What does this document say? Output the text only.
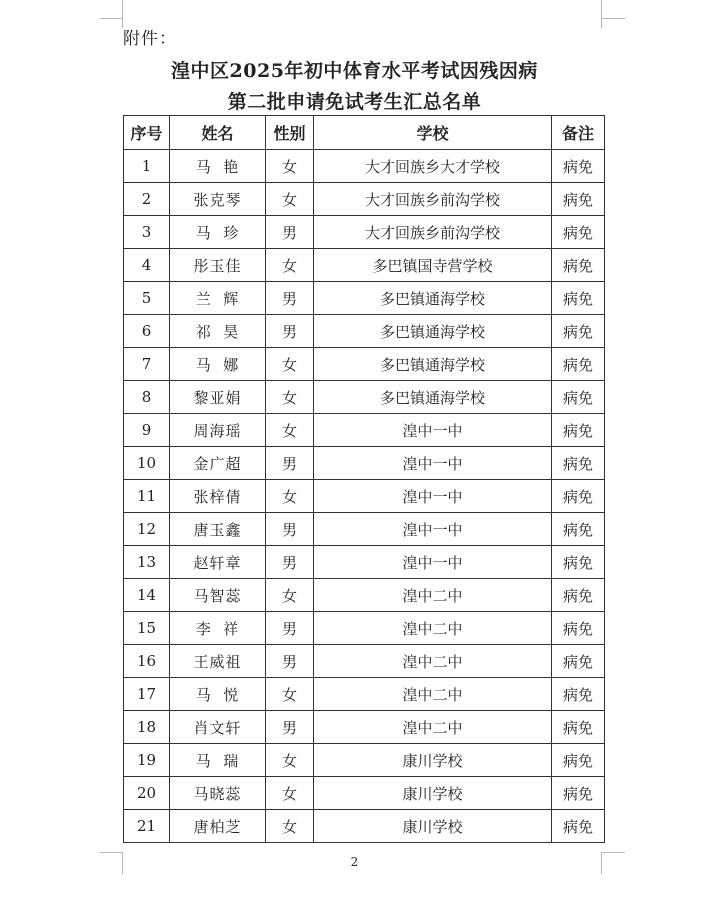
附件：
湟中区2025年初中体育水平考试因残因病
第二批申请免试考生汇总名单
序号	姓名	性别	学校	备注
1	马  艳	女	大才回族乡大才学校	病免
2	张克琴	女	大才回族乡前沟学校	病免
3	马  珍	男	大才回族乡前沟学校	病免
4	彤玉佳	女	多巴镇国寺营学校	病免
5	兰  辉	男	多巴镇通海学校	病免
6	祁  昊	男	多巴镇通海学校	病免
7	马  娜	女	多巴镇通海学校	病免
8	黎亚娟	女	多巴镇通海学校	病免
9	周海瑶	女	湟中一中	病免
10	金广超	男	湟中一中	病免
11	张梓倩	女	湟中一中	病免
12	唐玉鑫	男	湟中一中	病免
13	赵轩章	男	湟中一中	病免
14	马智蕊	女	湟中二中	病免
15	李  祥	男	湟中二中	病免
16	王威祖	男	湟中二中	病免
17	马  悦	女	湟中二中	病免
18	肖文轩	男	湟中二中	病免
19	马  瑞	女	康川学校	病免
20	马晓蕊	女	康川学校	病免
21	唐柏芝	女	康川学校	病免
2
